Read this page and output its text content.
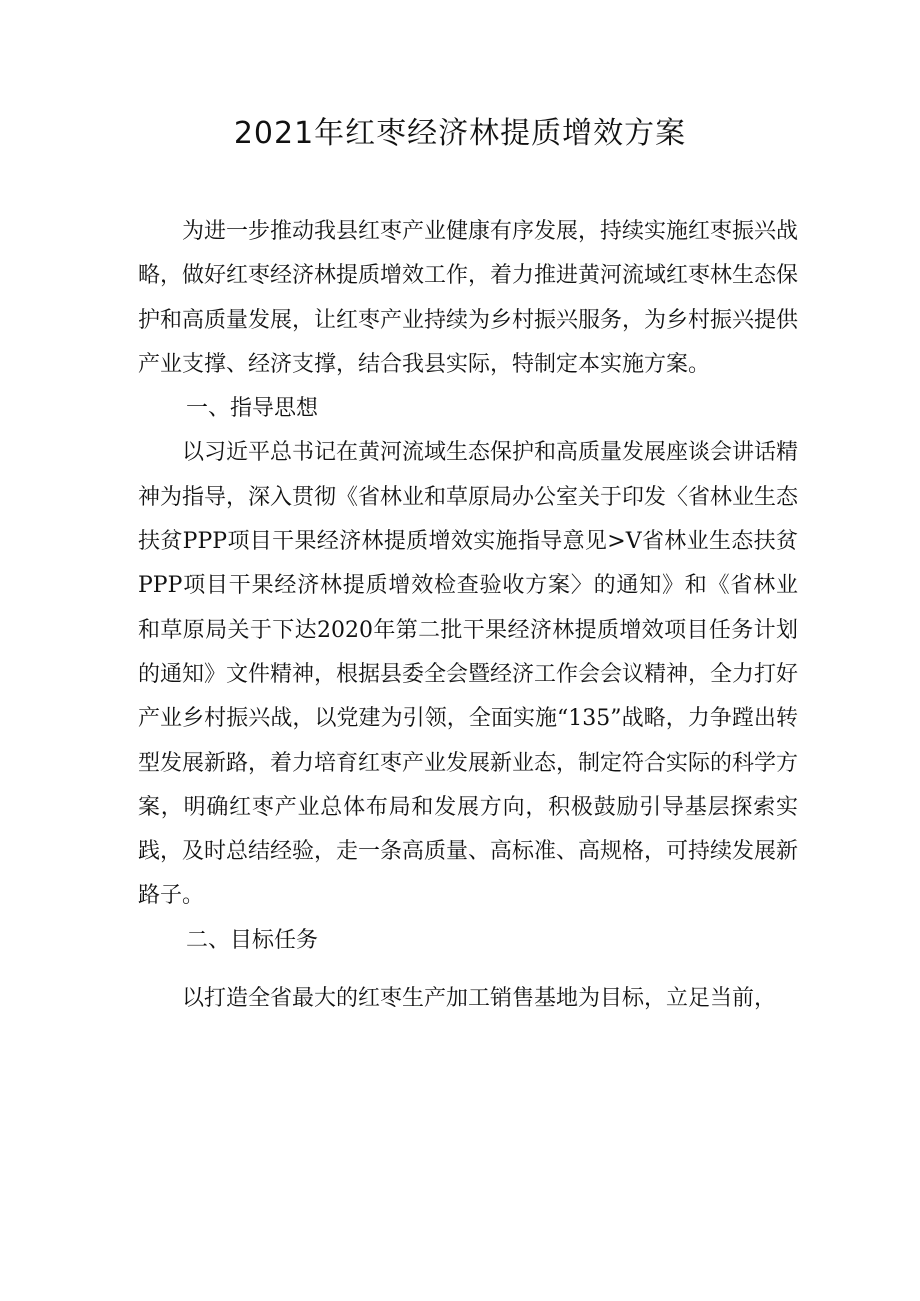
2021年红枣经济林提质增效方案

为进一步推动我县红枣产业健康有序发展，持续实施红枣振兴战略，做好红枣经济林提质增效工作，着力推进黄河流域红枣林生态保护和高质量发展，让红枣产业持续为乡村振兴服务，为乡村振兴提供产业支撑、经济支撑，结合我县实际，特制定本实施方案。

一、指导思想

以习近平总书记在黄河流域生态保护和高质量发展座谈会讲话精神为指导，深入贯彻《省林业和草原局办公室关于印发〈省林业生态扶贫PPP项目干果经济林提质增效实施指导意见>V省林业生态扶贫PPP项目干果经济林提质增效检查验收方案〉的通知》和《省林业和草原局关于下达2020年第二批干果经济林提质增效项目任务计划的通知》文件精神，根据县委全会暨经济工作会会议精神，全力打好产业乡村振兴战，以党建为引领，全面实施“135”战略，力争蹚出转型发展新路，着力培育红枣产业发展新业态，制定符合实际的科学方案，明确红枣产业总体布局和发展方向，积极鼓励引导基层探索实践，及时总结经验，走一条高质量、高标准、高规格，可持续发展新路子。

二、目标任务

以打造全省最大的红枣生产加工销售基地为目标，立足当前，
